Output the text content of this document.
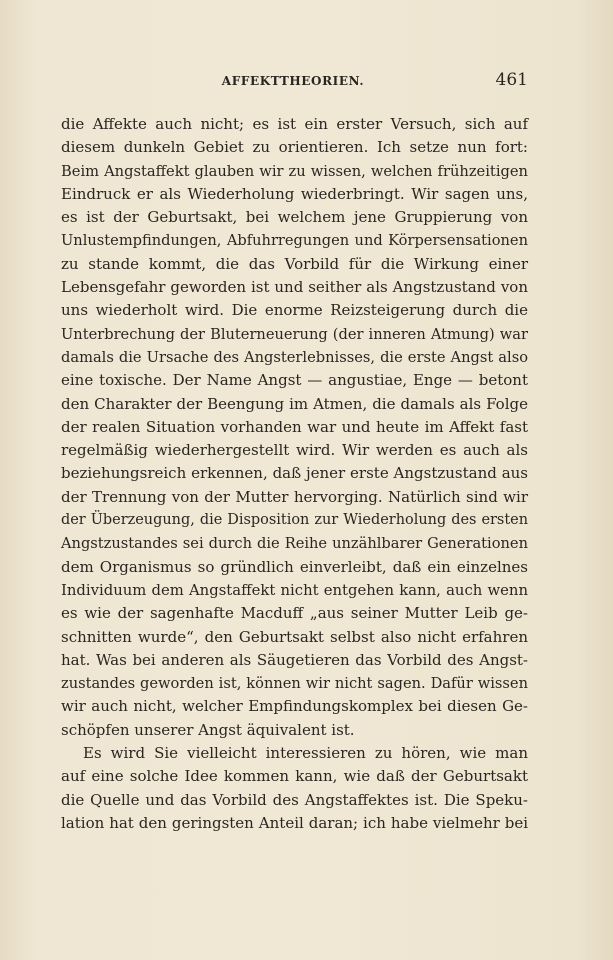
AFFEKTTHEORIEN.	461
die Affekte auch nicht; es ist ein erster Versuch, sich auf
diesem dunkeln Gebiet zu orientieren. Ich setze nun fort:
Beim Angstaffekt glauben wir zu wissen, welchen frühzeitigen
Eindruck er als Wiederholung wiederbringt. Wir sagen uns,
es ist der Geburtsakt, bei welchem jene Gruppierung von
Unlustempfindungen, Abfuhrregungen und Körpersensationen
zu stande kommt, die das Vorbild für die Wirkung einer
Lebensgefahr geworden ist und seither als Angstzustand von
uns wiederholt wird. Die enorme Reizsteigerung durch die
Unterbrechung der Bluterneuerung (der inneren Atmung) war
damals die Ursache des Angsterlebnisses, die erste Angst also
eine toxische. Der Name Angst — angustiae, Enge — betont
den Charakter der Beengung im Atmen, die damals als Folge
der realen Situation vorhanden war und heute im Affekt fast
regelmäßig wiederhergestellt wird. Wir werden es auch als
beziehungsreich erkennen, daß jener erste Angstzustand aus
der Trennung von der Mutter hervorging. Natürlich sind wir
der Überzeugung, die Disposition zur Wiederholung des ersten
Angstzustandes sei durch die Reihe unzählbarer Generationen
dem Organismus so gründlich einverleibt, daß ein einzelnes
Individuum dem Angstaffekt nicht entgehen kann, auch wenn
es wie der sagenhafte Macduff „aus seiner Mutter Leib ge-
schnitten wurde“, den Geburtsakt selbst also nicht erfahren
hat. Was bei anderen als Säugetieren das Vorbild des Angst-
zustandes geworden ist, können wir nicht sagen. Dafür wissen
wir auch nicht, welcher Empfindungskomplex bei diesen Ge-
schöpfen unserer Angst äquivalent ist.
Es wird Sie vielleicht interessieren zu hören, wie man
auf eine solche Idee kommen kann, wie daß der Geburtsakt
die Quelle und das Vorbild des Angstaffektes ist. Die Speku-
lation hat den geringsten Anteil daran; ich habe vielmehr bei
